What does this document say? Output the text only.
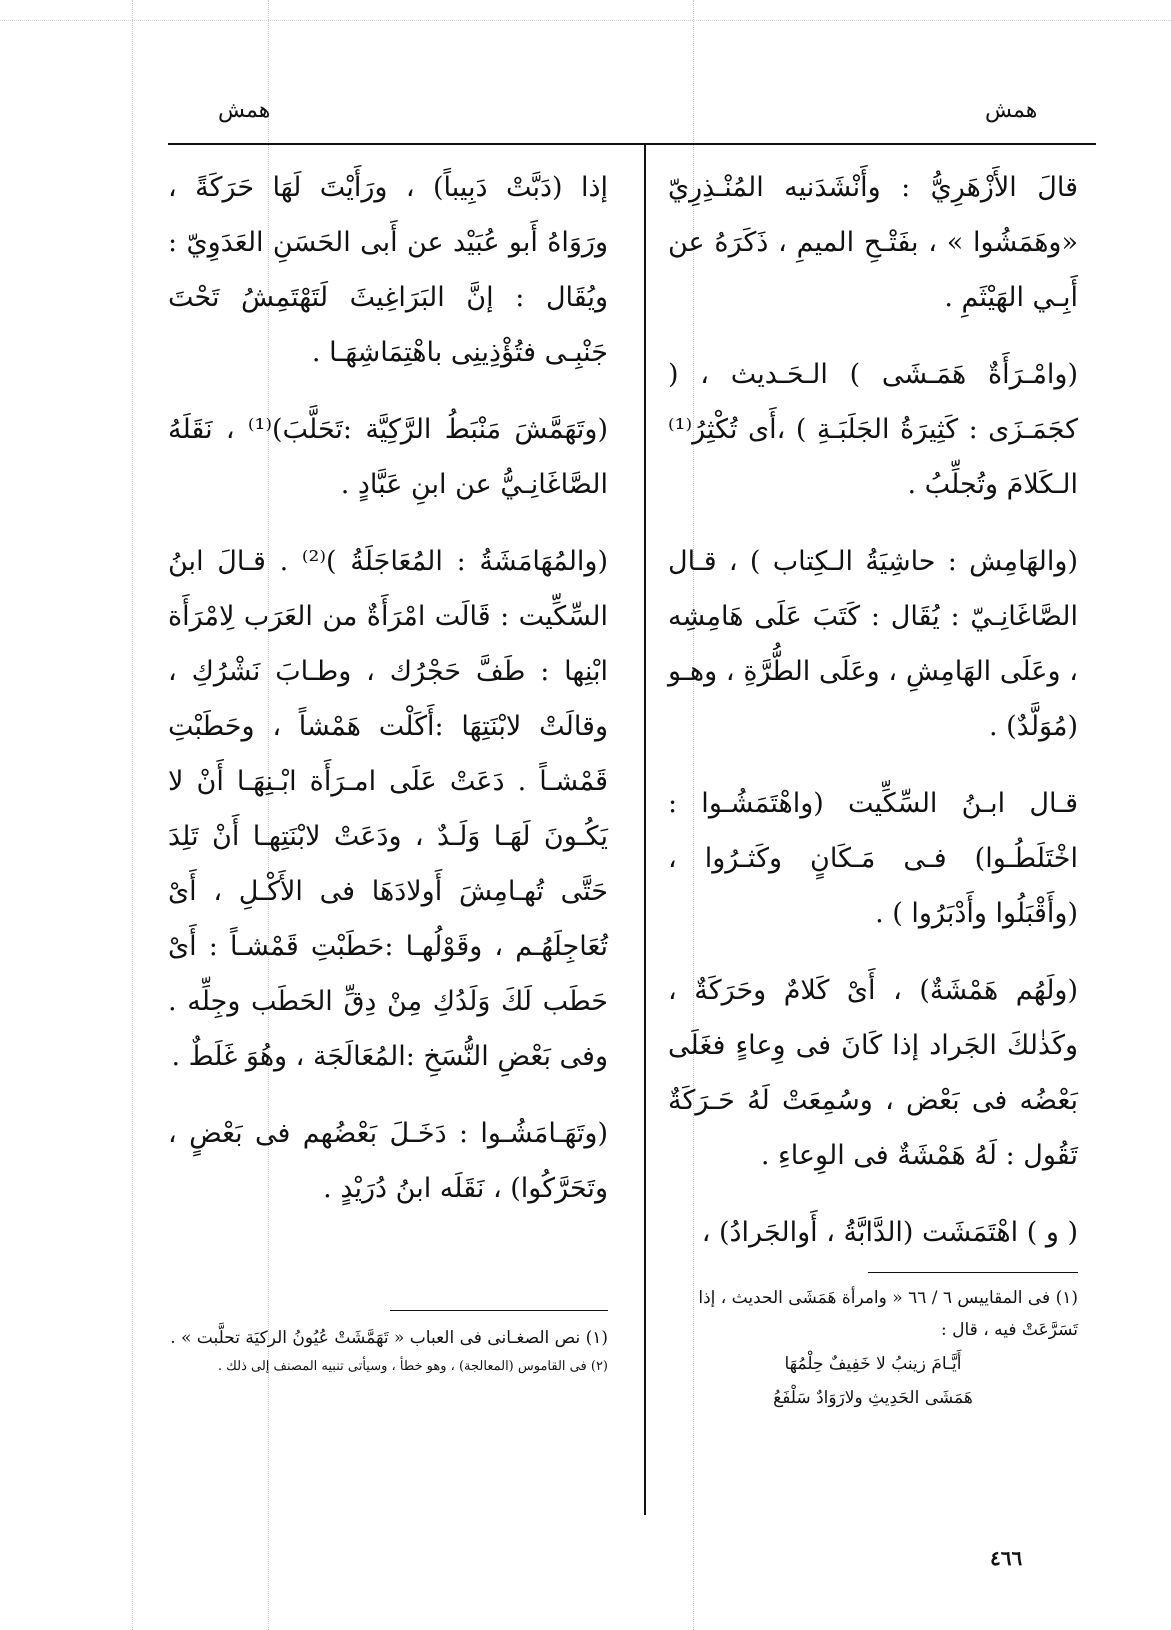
همش
همش

قالَ الأَزْهَرِيُّ : وأَنْشَدَنيه المُنْـذِرِيّ «وهَمَشُوا » ، بفَتْـحِ الميمِ ، ذَكَرَهُ عن أَبِـي الهَيْثَمِ .

(وامْـرَأَةٌ هَمَـشَى ) الـحَـديث ، ( كجَمَـزَى : كَثِيرَةُ الجَلَبَـةِ ) ،أَى تُكْثِرُ⁽¹⁾ الـكَلامَ وتُجلِّبُ .

(والهَامِش : حاشِيَةُ الـكِتاب ) ، قـال الصَّاغَانِـيّ : يُقَال : كَتَبَ عَلَى هَامِشِه ، وعَلَى الهَامِشِ ، وعَلَى الطُّرَّةِ ، وهـو (مُوَلَّدٌ) .

قـال ابـنُ السِّكِّيت (واهْتَمَشُـوا : اخْتَلَطُـوا) فـى مَـكَانٍ وكَثـرُوا ، (وأَقْبَلُوا وأَدْبَرُوا ) .

(ولَهُم هَمْشَةٌ) ، أَىْ كَلامٌ وحَرَكَةٌ ، وكَذٰلكَ الجَراد إذا كَانَ فى وِعاءٍ فغَلَى بَعْضُه فى بَعْض ، وسُمِعَتْ لَهُ حَـرَكَةٌ تَقُول : لَهُ هَمْشَةٌ فى الوِعاءِ .

( و ) اهْتَمَشَت (الدَّابَّةُ ، أَوالجَرادُ) ،

(١) فى المقاييس ٦ / ٦٦ « وامرأة هَمَشَى الحديث ، إذا تَسَرَّعَتْ فيه ، قال :

أَيَّـامَ زينبُ لا خَفِيفٌ حِلْمُهَا

هَمَشَى الحَدِيثِ ولارَوَادٌ سَلْفَعُ

إذا (دَبَّتْ دَبِيباً) ، ورَأَيْتَ لَهَا حَرَكَةً ، ورَوَاهُ أَبو عُبَيْد عن أَبى الحَسَنِ العَدَوِيّ : ويُقَال : إنَّ البَرَاغِيثَ لَتَهْتَمِشُ تَحْتَ جَنْبِـى فتُؤْذِينِى باهْتِمَاشِهَـا .

(وتَهَمَّشَ مَنْبَطُ الرَّكِيَّة :تَحَلَّبَ)⁽¹⁾ ، نَقَلَهُ الصَّاغَانِـيُّ عن ابنِ عَبَّادٍ .

(والمُهَامَشَةُ : المُعَاجَلَةُ )⁽²⁾ . قـالَ ابنُ السِّكِّيت : قَالَت امْرَأَةٌ من العَرَب لِامْرَأَة ابْنِها : طَفَّ حَجْرُك ، وطـابَ نَشْرُكِ ، وقالَتْ لابْنَتِهَا :أَكَلْت هَمْشاً ، وحَطَبْتِ قَمْشـاً . دَعَتْ عَلَى امـرَأَة ابْـنِهَـا أَنْ لا يَكُـونَ لَهَـا وَلَـدٌ ، ودَعَتْ لابْنَتِهـا أَنْ تَلِدَ حَتَّى تُهـامِشَ أَولادَهَا فى الأَكْـلِ ، أَىْ تُعَاجِلَهُـم ، وقَوْلُهـا :حَطَبْتِ قَمْشـاً : أَىْ حَطَب لَكَ وَلَدُكِ مِنْ دِقِّ الحَطَب وجِلِّه . وفى بَعْضِ النُّسَخِ :المُعَالَجَة ، وهُوَ غَلَطٌ .

(وتَهَـامَشُـوا : دَخَـلَ بَعْضُهم فى بَعْضٍ ، وتَحَرَّكُوا) ، نَقَلَه ابنُ دُرَيْدٍ .

(١) نص الصغـانى فى العباب « تَهَمَّشَتْ عُيُونُ الركيَة تحلَّبت » .

(٢) فى القاموس (المعالجة) ، وهو خطأ ، وسيأتى تنبيه المصنف إلى ذلك .

٤٦٦
